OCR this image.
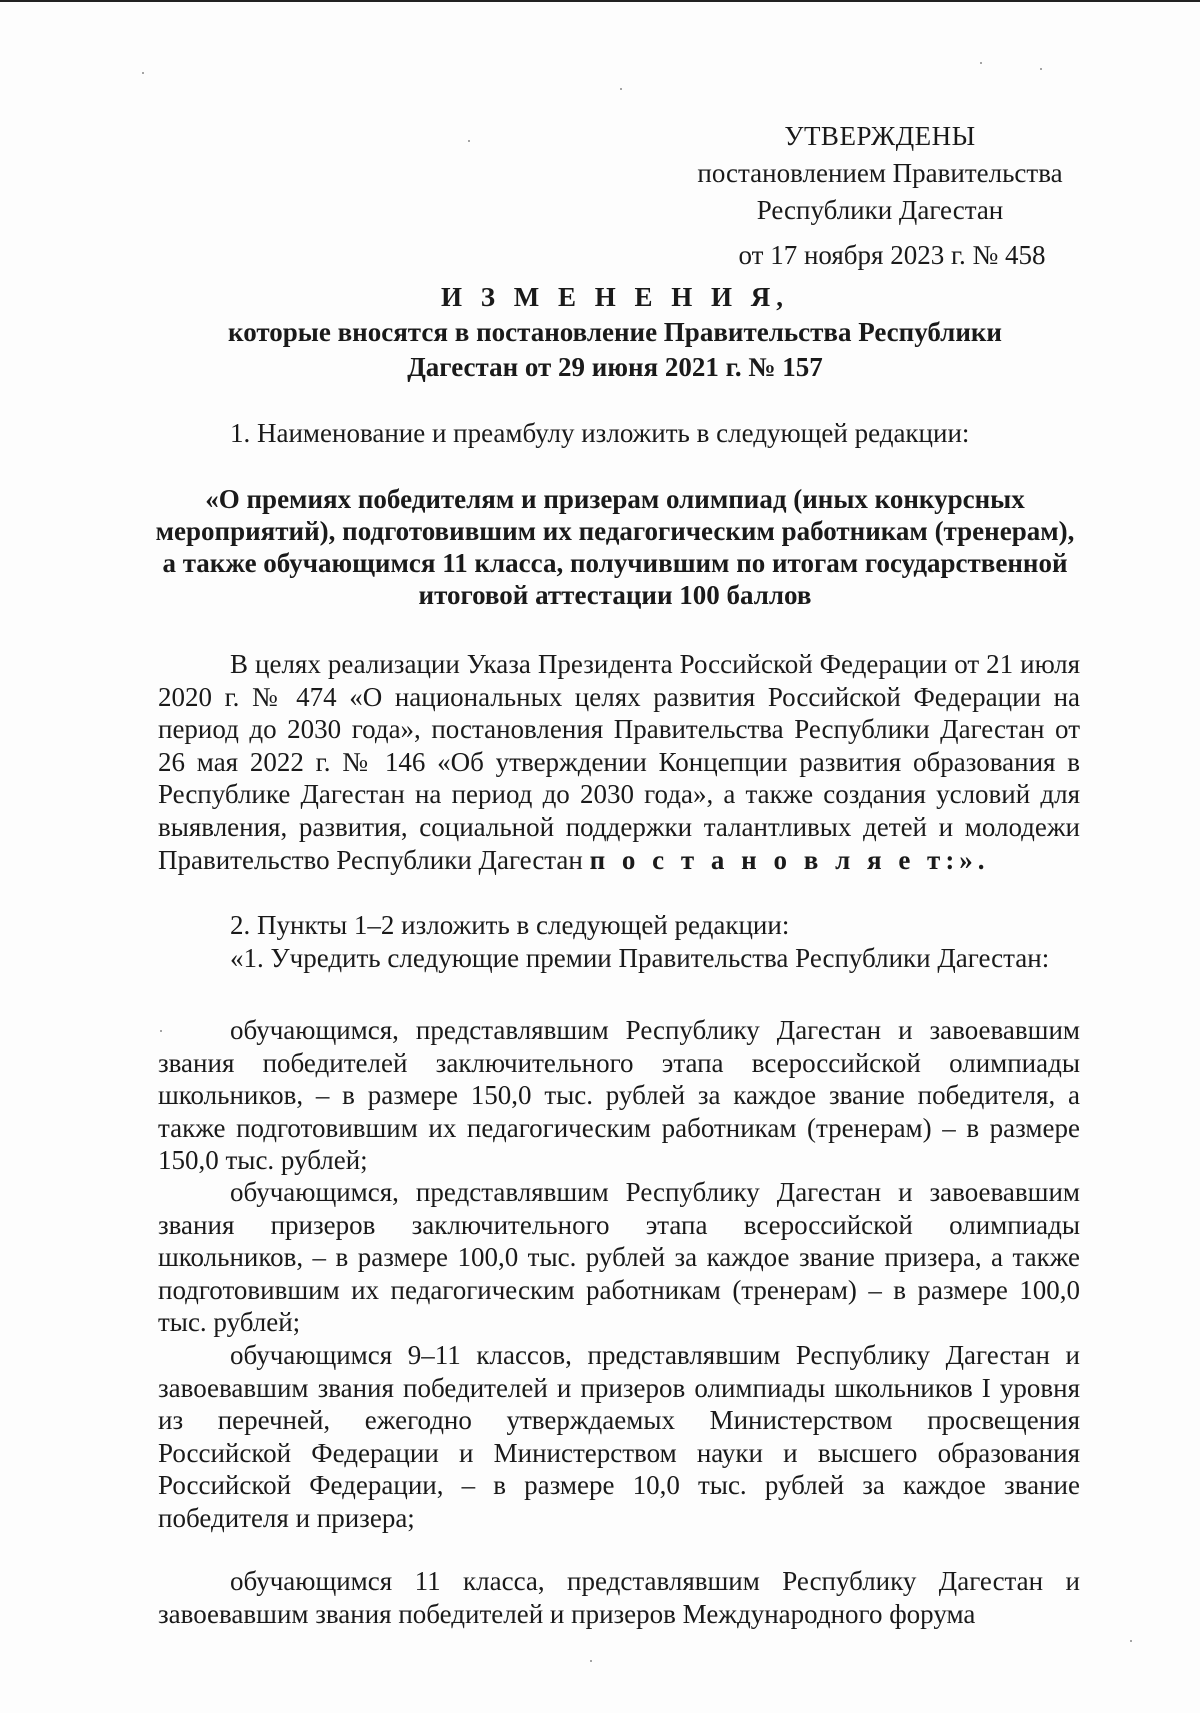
УТВЕРЖДЕНЫ
постановлением Правительства
Республики Дагестан
от 17 ноября 2023 г. № 458
И З М Е Н Е Н И Я,
которые вносятся в постановление Правительства Республики
Дагестан от 29 июня 2021 г. № 157

1. Наименование и преамбулу изложить в следующей редакции:

«О премиях победителям и призерам олимпиад (иных конкурсных мероприятий), подготовившим их педагогическим работникам (тренерам), а также обучающимся 11 класса, получившим по итогам государственной итоговой аттестации 100 баллов

В целях реализации Указа Президента Российской Федерации от 21 июля 2020 г. № 474 «О национальных целях развития Российской Федерации на период до 2030 года», постановления Правительства Республики Дагестан от 26 мая 2022 г. № 146 «Об утверждении Концепции развития образования в Республике Дагестан на период до 2030 года», а также создания условий для выявления, развития, социальной поддержки талантливых детей и молодежи Правительство Республики Дагестан п о с т а н о в л я е т:».

2. Пункты 1–2 изложить в следующей редакции:

«1. Учредить следующие премии Правительства Республики Дагестан:

обучающимся, представлявшим Республику Дагестан и завоевавшим звания победителей заключительного этапа всероссийской олимпиады школьников, – в размере 150,0 тыс. рублей за каждое звание победителя, а также подготовившим их педагогическим работникам (тренерам) – в размере 150,0 тыс. рублей;

обучающимся, представлявшим Республику Дагестан и завоевавшим звания призеров заключительного этапа всероссийской олимпиады школьников, – в размере 100,0 тыс. рублей за каждое звание призера, а также подготовившим их педагогическим работникам (тренерам) – в размере 100,0 тыс. рублей;

обучающимся 9–11 классов, представлявшим Республику Дагестан и завоевавшим звания победителей и призеров олимпиады школьников I уровня из перечней, ежегодно утверждаемых Министерством просвещения Российской Федерации и Министерством науки и высшего образования Российской Федерации, – в размере 10,0 тыс. рублей за каждое звание победителя и призера;

обучающимся 11 класса, представлявшим Республику Дагестан и завоевавшим звания победителей и призеров Международного форума
